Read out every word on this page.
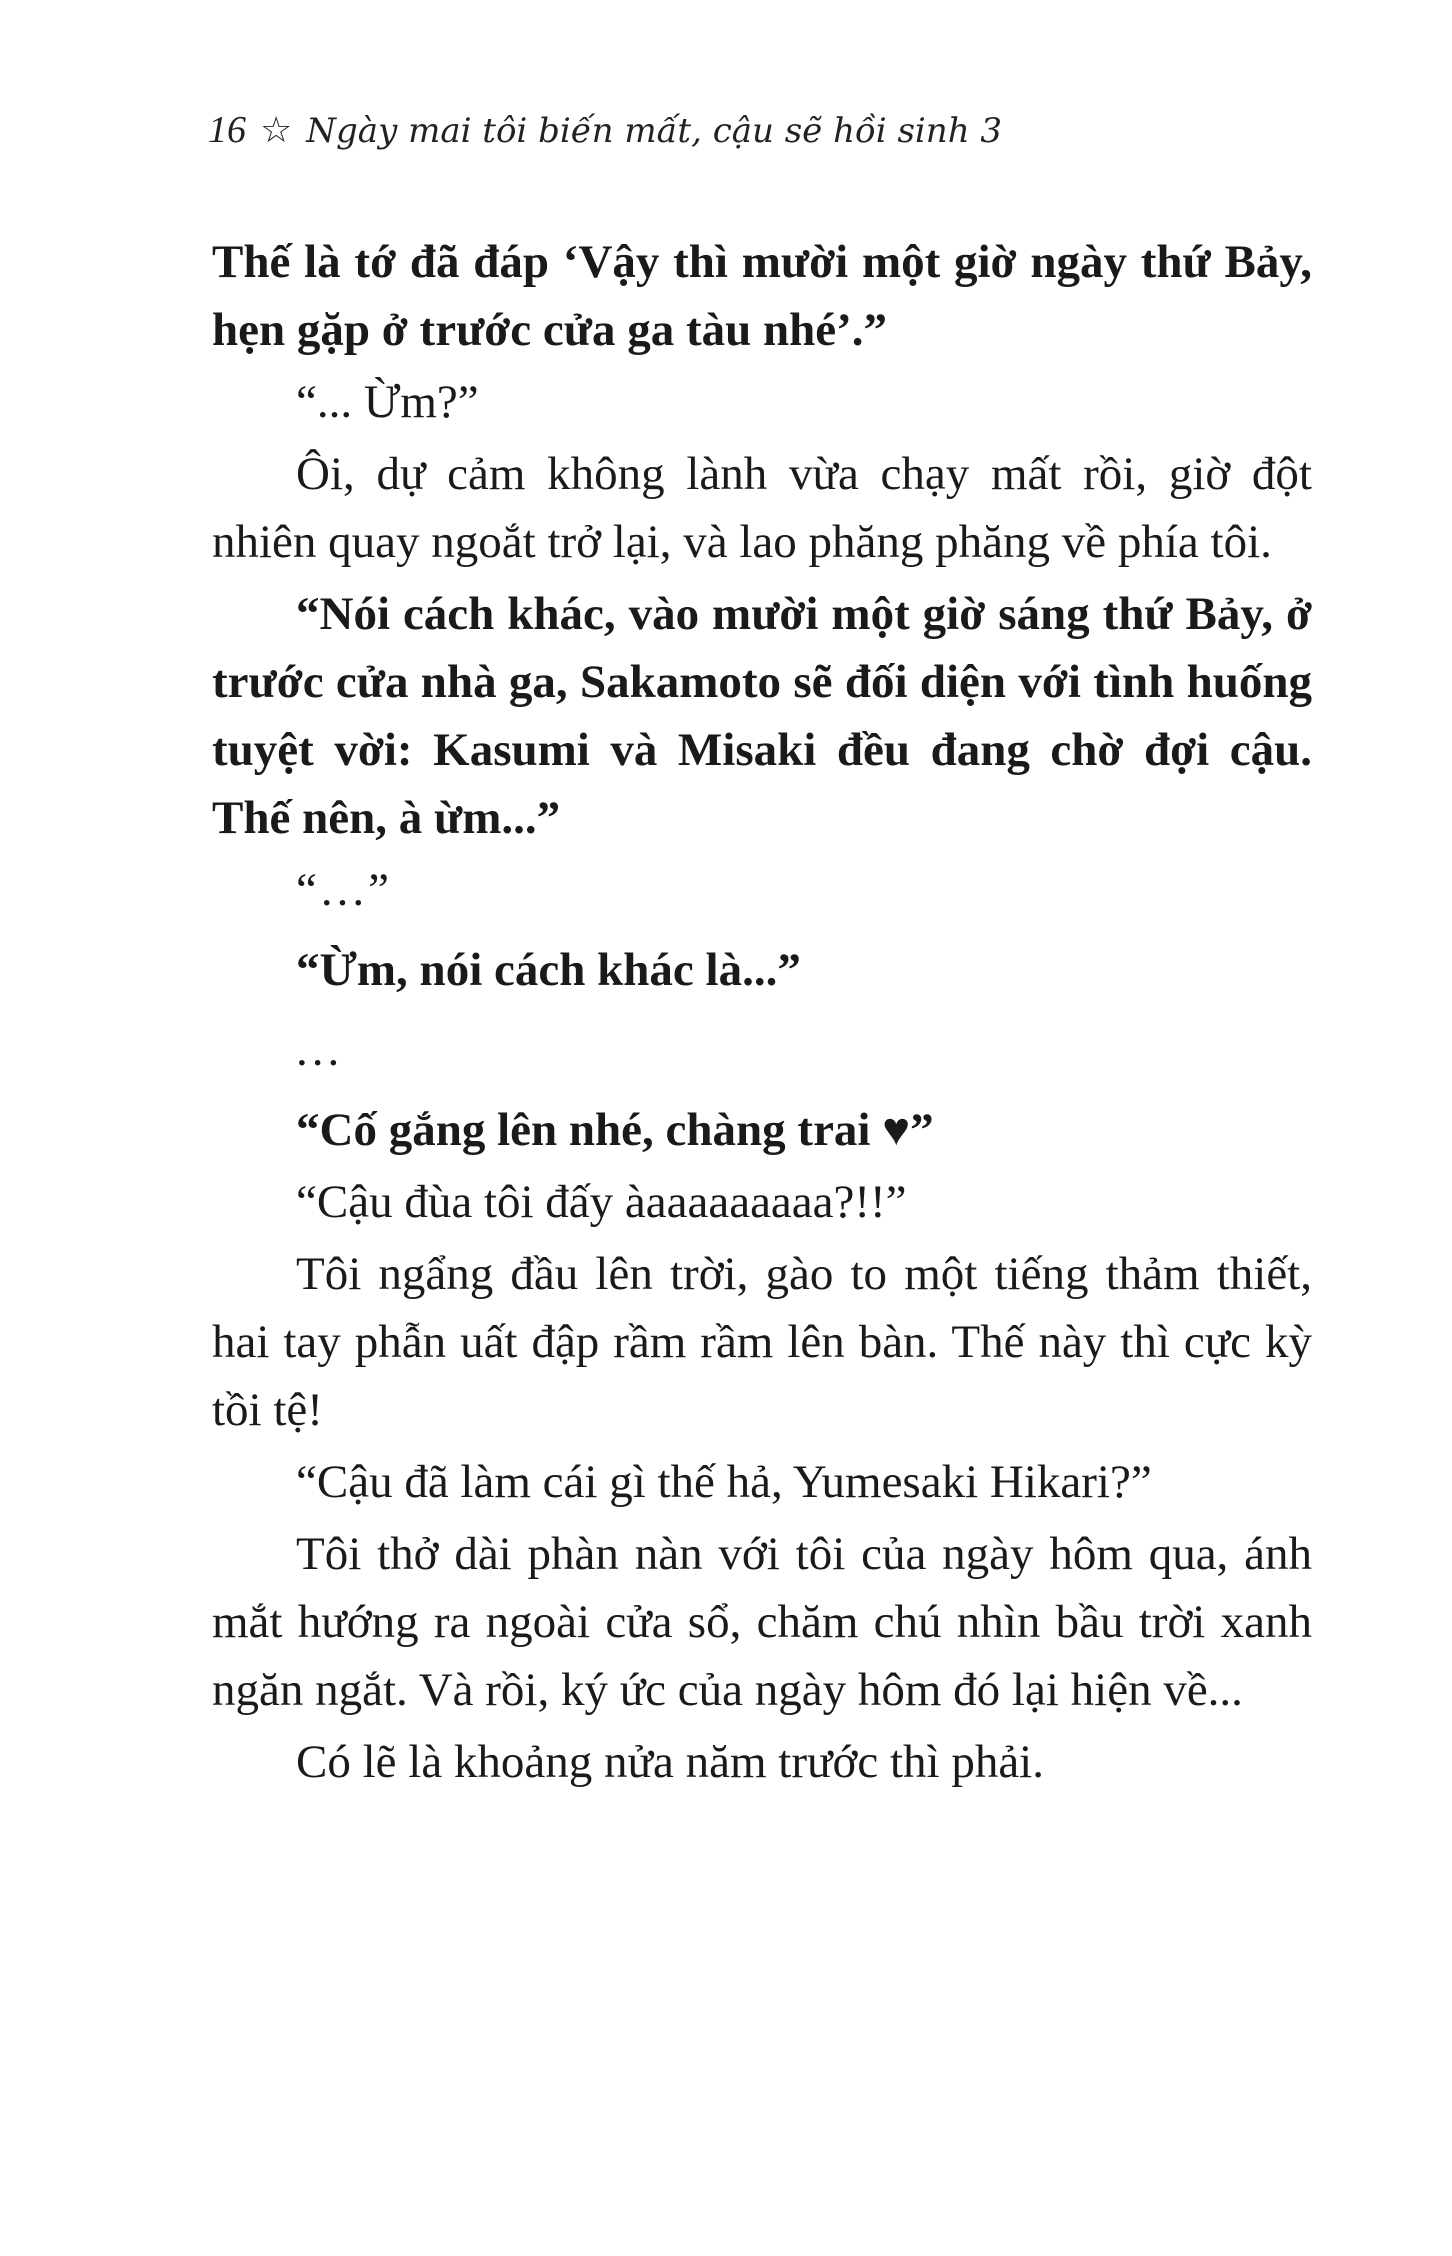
16 ☆ Ngày mai tôi biến mất, cậu sẽ hồi sinh 3

Thế là tớ đã đáp ‘Vậy thì mười một giờ ngày thứ Bảy, hẹn gặp ở trước cửa ga tàu nhé’.”

“... Ừm?”

Ôi, dự cảm không lành vừa chạy mất rồi, giờ đột nhiên quay ngoắt trở lại, và lao phăng phăng về phía tôi.

“Nói cách khác, vào mười một giờ sáng thứ Bảy, ở trước cửa nhà ga, Sakamoto sẽ đối diện với tình huống tuyệt vời: Kasumi và Misaki đều đang chờ đợi cậu. Thế nên, à ừm...”

“...”

“Ừm, nói cách khác là...”

...

“Cố gắng lên nhé, chàng trai ♥”

“Cậu đùa tôi đấy àaaaaaaaaa?!!”

Tôi ngẩng đầu lên trời, gào to một tiếng thảm thiết, hai tay phẫn uất đập rầm rầm lên bàn. Thế này thì cực kỳ tồi tệ!

“Cậu đã làm cái gì thế hả, Yumesaki Hikari?”

Tôi thở dài phàn nàn với tôi của ngày hôm qua, ánh mắt hướng ra ngoài cửa sổ, chăm chú nhìn bầu trời xanh ngăn ngắt. Và rồi, ký ức của ngày hôm đó lại hiện về...

Có lẽ là khoảng nửa năm trước thì phải.
